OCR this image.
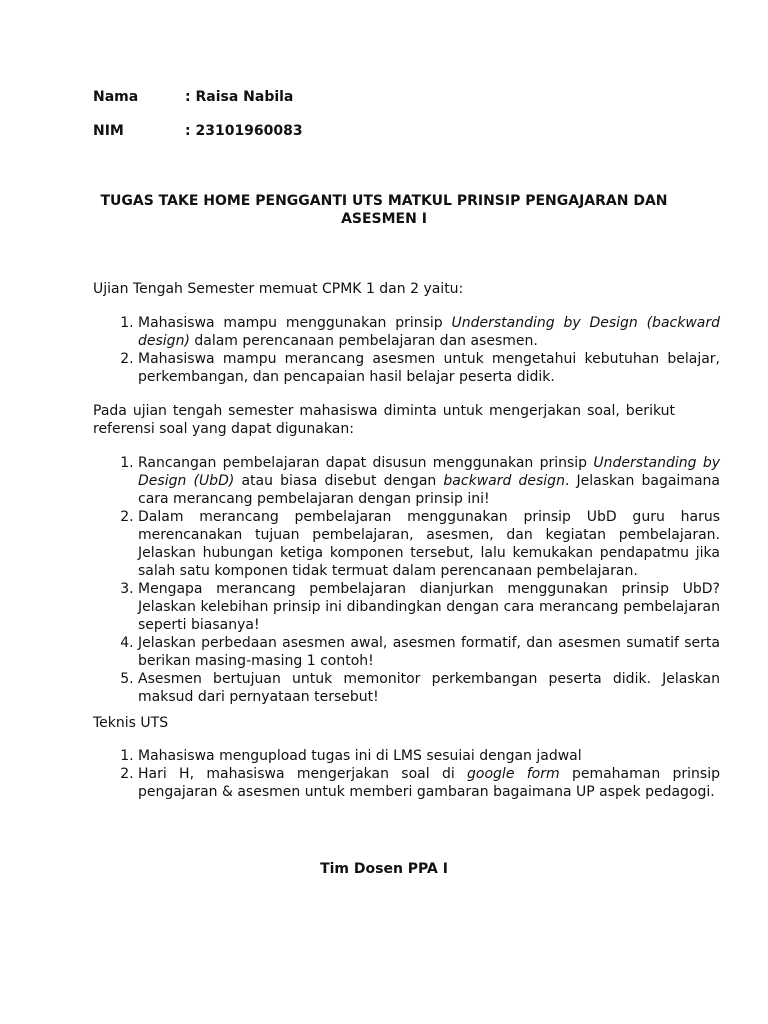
Nama	: Raisa Nabila
NIM	: 23101960083
TUGAS TAKE HOME PENGGANTI UTS MATKUL PRINSIP PENGAJARAN DAN
ASESMEN I
Ujian Tengah Semester memuat CPMK 1 dan 2 yaitu:
1. Mahasiswa mampu menggunakan prinsip Understanding by Design (backward design) dalam perencanaan pembelajaran dan asesmen.
2. Mahasiswa mampu merancang asesmen untuk mengetahui kebutuhan belajar, perkembangan, dan pencapaian hasil belajar peserta didik.
Pada ujian tengah semester mahasiswa diminta untuk mengerjakan soal, berikut referensi soal yang dapat digunakan:
1. Rancangan pembelajaran dapat disusun menggunakan prinsip Understanding by Design (UbD) atau biasa disebut dengan backward design. Jelaskan bagaimana cara merancang pembelajaran dengan prinsip ini!
2. Dalam merancang pembelajaran menggunakan prinsip UbD guru harus merencanakan tujuan pembelajaran, asesmen, dan kegiatan pembelajaran. Jelaskan hubungan ketiga komponen tersebut, lalu kemukakan pendapatmu jika salah satu komponen tidak termuat dalam perencanaan pembelajaran.
3. Mengapa merancang pembelajaran dianjurkan menggunakan prinsip UbD? Jelaskan kelebihan prinsip ini dibandingkan dengan cara merancang pembelajaran seperti biasanya!
4. Jelaskan perbedaan asesmen awal, asesmen formatif, dan asesmen sumatif serta berikan masing-masing 1 contoh!
5. Asesmen bertujuan untuk memonitor perkembangan peserta didik. Jelaskan maksud dari pernyataan tersebut!
Teknis UTS
1. Mahasiswa mengupload tugas ini di LMS sesuiai dengan jadwal
2. Hari H, mahasiswa mengerjakan soal di google form pemahaman prinsip pengajaran & asesmen untuk memberi gambaran bagaimana UP aspek pedagogi.
Tim Dosen PPA I
